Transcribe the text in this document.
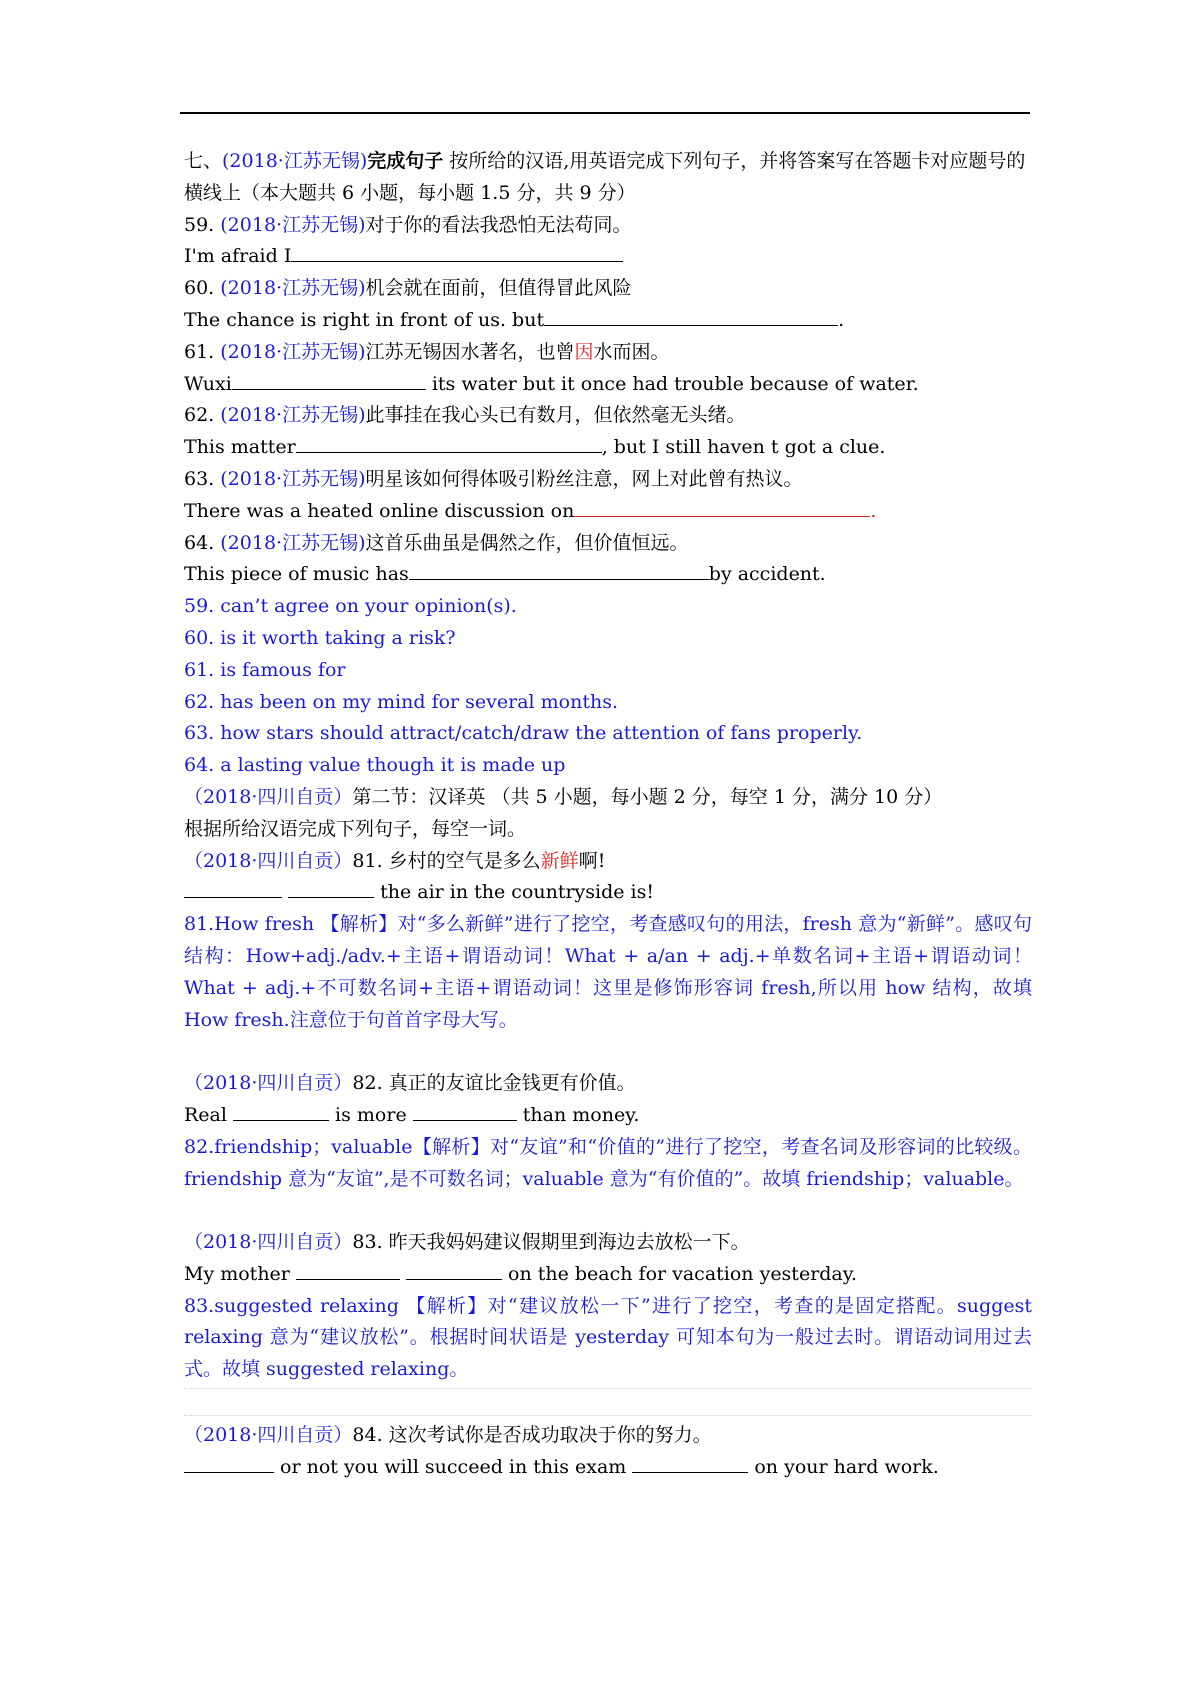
七、(2018·江苏无锡)完成句子 按所给的汉语,用英语完成下列句子，并将答案写在答题卡对应题号的横线上（本大题共 6 小题，每小题 1.5 分，共 9 分）
59. (2018·江苏无锡)对于你的看法我恐怕无法苟同。
I'm afraid I
60. (2018·江苏无锡)机会就在面前，但值得冒此风险
The chance is right in front of us. but	.
61. (2018·江苏无锡)江苏无锡因水著名，也曾因水而困。
Wuxi	its water but it once had trouble because of water.
62. (2018·江苏无锡)此事挂在我心头已有数月，但依然毫无头绪。
This matter	, but I still haven t got a clue.
63. (2018·江苏无锡)明星该如何得体吸引粉丝注意，网上对此曾有热议。
There was a heated online discussion on	.
64. (2018·江苏无锡)这首乐曲虽是偶然之作，但价值恒远。
This piece of music has	by accident.
59. can’t agree on your opinion(s).
60. is it worth taking a risk?
61. is famous for
62. has been on my mind for several months.
63. how stars should attract/catch/draw the attention of fans properly.
64. a lasting value though it is made up
（2018·四川自贡）第二节：汉译英 （共 5 小题，每小题 2 分，每空 1 分，满分 10 分）
根据所给汉语完成下列句子，每空一词。
（2018·四川自贡）81. 乡村的空气是多么新鲜啊!
the air in the countryside is!
81.How fresh 【解析】对“多么新鲜”进行了挖空，考查感叹句的用法，fresh 意为“新鲜”。感叹句结构：How+adj./adv.+主语+谓语动词！What + a/an + adj.+单数名词+主语+谓语动词！What + adj.+不可数名词+主语+谓语动词！这里是修饰形容词 fresh,所以用 how 结构，故填 How fresh.注意位于句首首字母大写。
（2018·四川自贡）82. 真正的友谊比金钱更有价值。
Real	is more	than money.
82.friendship；valuable【解析】对“友谊”和“价值的”进行了挖空，考查名词及形容词的比较级。friendship 意为“友谊”,是不可数名词；valuable 意为“有价值的”。故填 friendship；valuable。
（2018·四川自贡）83. 昨天我妈妈建议假期里到海边去放松一下。
My mother	on the beach for vacation yesterday.
83.suggested relaxing 【解析】对“建议放松一下”进行了挖空，考查的是固定搭配。suggest relaxing 意为“建议放松”。根据时间状语是 yesterday 可知本句为一般过去时。谓语动词用过去式。故填 suggested relaxing。
（2018·四川自贡）84. 这次考试你是否成功取决于你的努力。
or not you will succeed in this exam	on your hard work.
